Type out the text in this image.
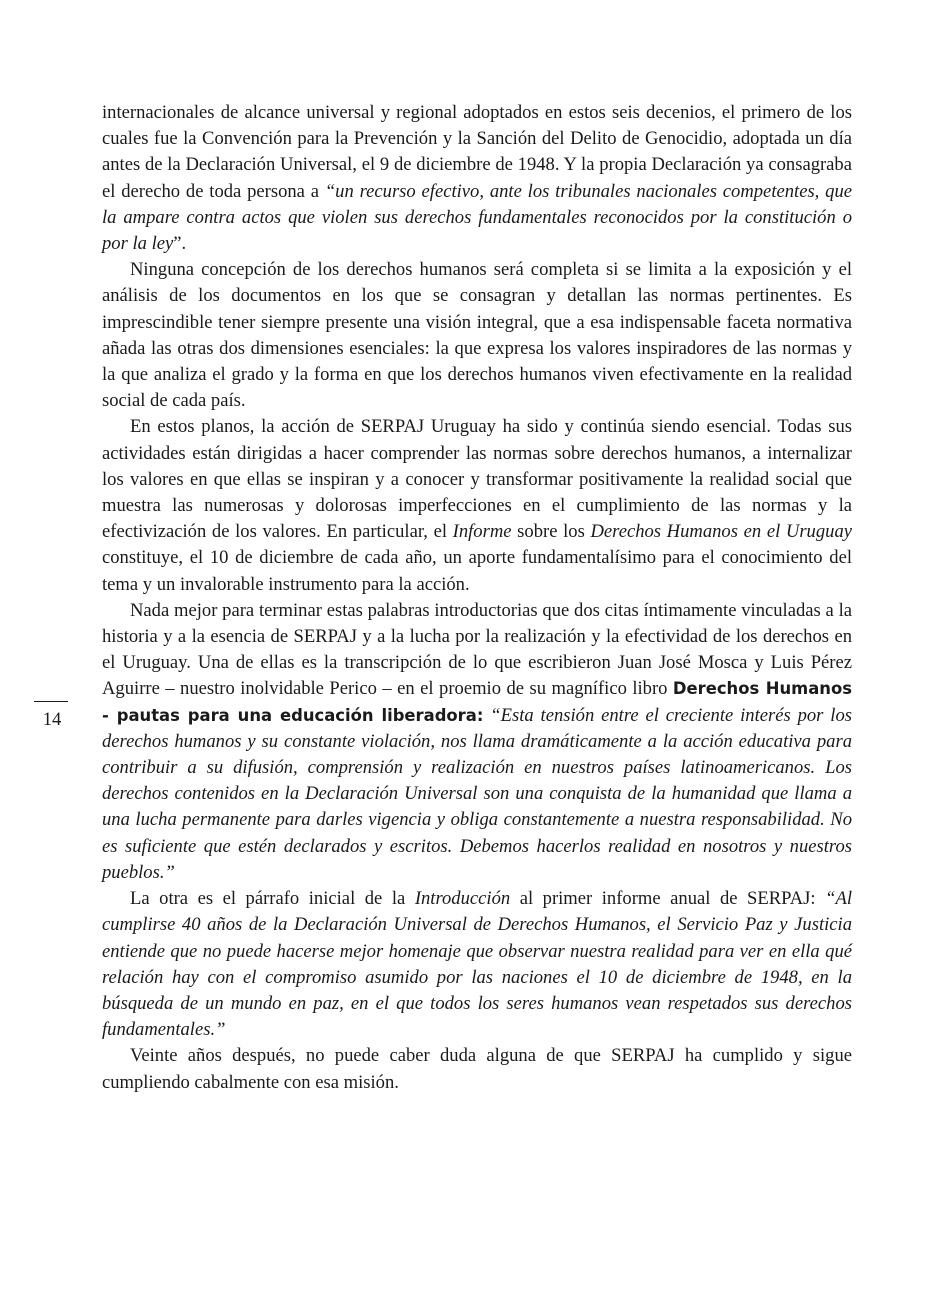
14

internacionales de alcance universal y regional adoptados en estos seis decenios, el primero de los cuales fue la Convención para la Prevención y la Sanción del Delito de Genocidio, adoptada un día antes de la Declaración Universal, el 9 de diciembre de 1948. Y la propia Declaración ya consagraba el derecho de toda persona a “un recurso efectivo, ante los tribunales nacionales competentes, que la ampare contra actos que violen sus derechos fundamentales reconocidos por la constitución o por la ley”.

Ninguna concepción de los derechos humanos será completa si se limita a la exposición y el análisis de los documentos en los que se consagran y detallan las normas pertinentes. Es imprescindible tener siempre presente una visión integral, que a esa indispensable faceta normativa añada las otras dos dimensiones esenciales: la que expresa los valores inspiradores de las normas y la que analiza el grado y la forma en que los derechos humanos viven efectivamente en la realidad social de cada país.

En estos planos, la acción de SERPAJ Uruguay ha sido y continúa siendo esencial. Todas sus actividades están dirigidas a hacer comprender las normas sobre derechos humanos, a internalizar los valores en que ellas se inspiran y a conocer y transformar positivamente la realidad social que muestra las numerosas y dolorosas imperfecciones en el cumplimiento de las normas y la efectivización de los valores. En particular, el Informe sobre los Derechos Humanos en el Uruguay constituye, el 10 de diciembre de cada año, un aporte fundamentalísimo para el conocimiento del tema y un invalorable instrumento para la acción.

Nada mejor para terminar estas palabras introductorias que dos citas íntimamente vinculadas a la historia y a la esencia de SERPAJ y a la lucha por la realización y la efectividad de los derechos en el Uruguay. Una de ellas es la transcripción de lo que escribieron Juan José Mosca y Luis Pérez Aguirre – nuestro inolvidable Perico – en el proemio de su magnífico libro Derechos Humanos - pautas para una educación liberadora: “Esta tensión entre el creciente interés por los derechos humanos y su constante violación, nos llama dramáticamente a la acción educativa para contribuir a su difusión, comprensión y realización en nuestros países latinoamericanos. Los derechos contenidos en la Declaración Universal son una conquista de la humanidad que llama a una lucha permanente para darles vigencia y obliga constantemente a nuestra responsabilidad. No es suficiente que estén declarados y escritos. Debemos hacerlos realidad en nosotros y nuestros pueblos.”

La otra es el párrafo inicial de la Introducción al primer informe anual de SERPAJ: “Al cumplirse 40 años de la Declaración Universal de Derechos Humanos, el Servicio Paz y Justicia entiende que no puede hacerse mejor homenaje que observar nuestra realidad para ver en ella qué relación hay con el compromiso asumido por las naciones el 10 de diciembre de 1948, en la búsqueda de un mundo en paz, en el que todos los seres humanos vean respetados sus derechos fundamentales.”

Veinte años después, no puede caber duda alguna de que SERPAJ ha cumplido y sigue cumpliendo cabalmente con esa misión.
